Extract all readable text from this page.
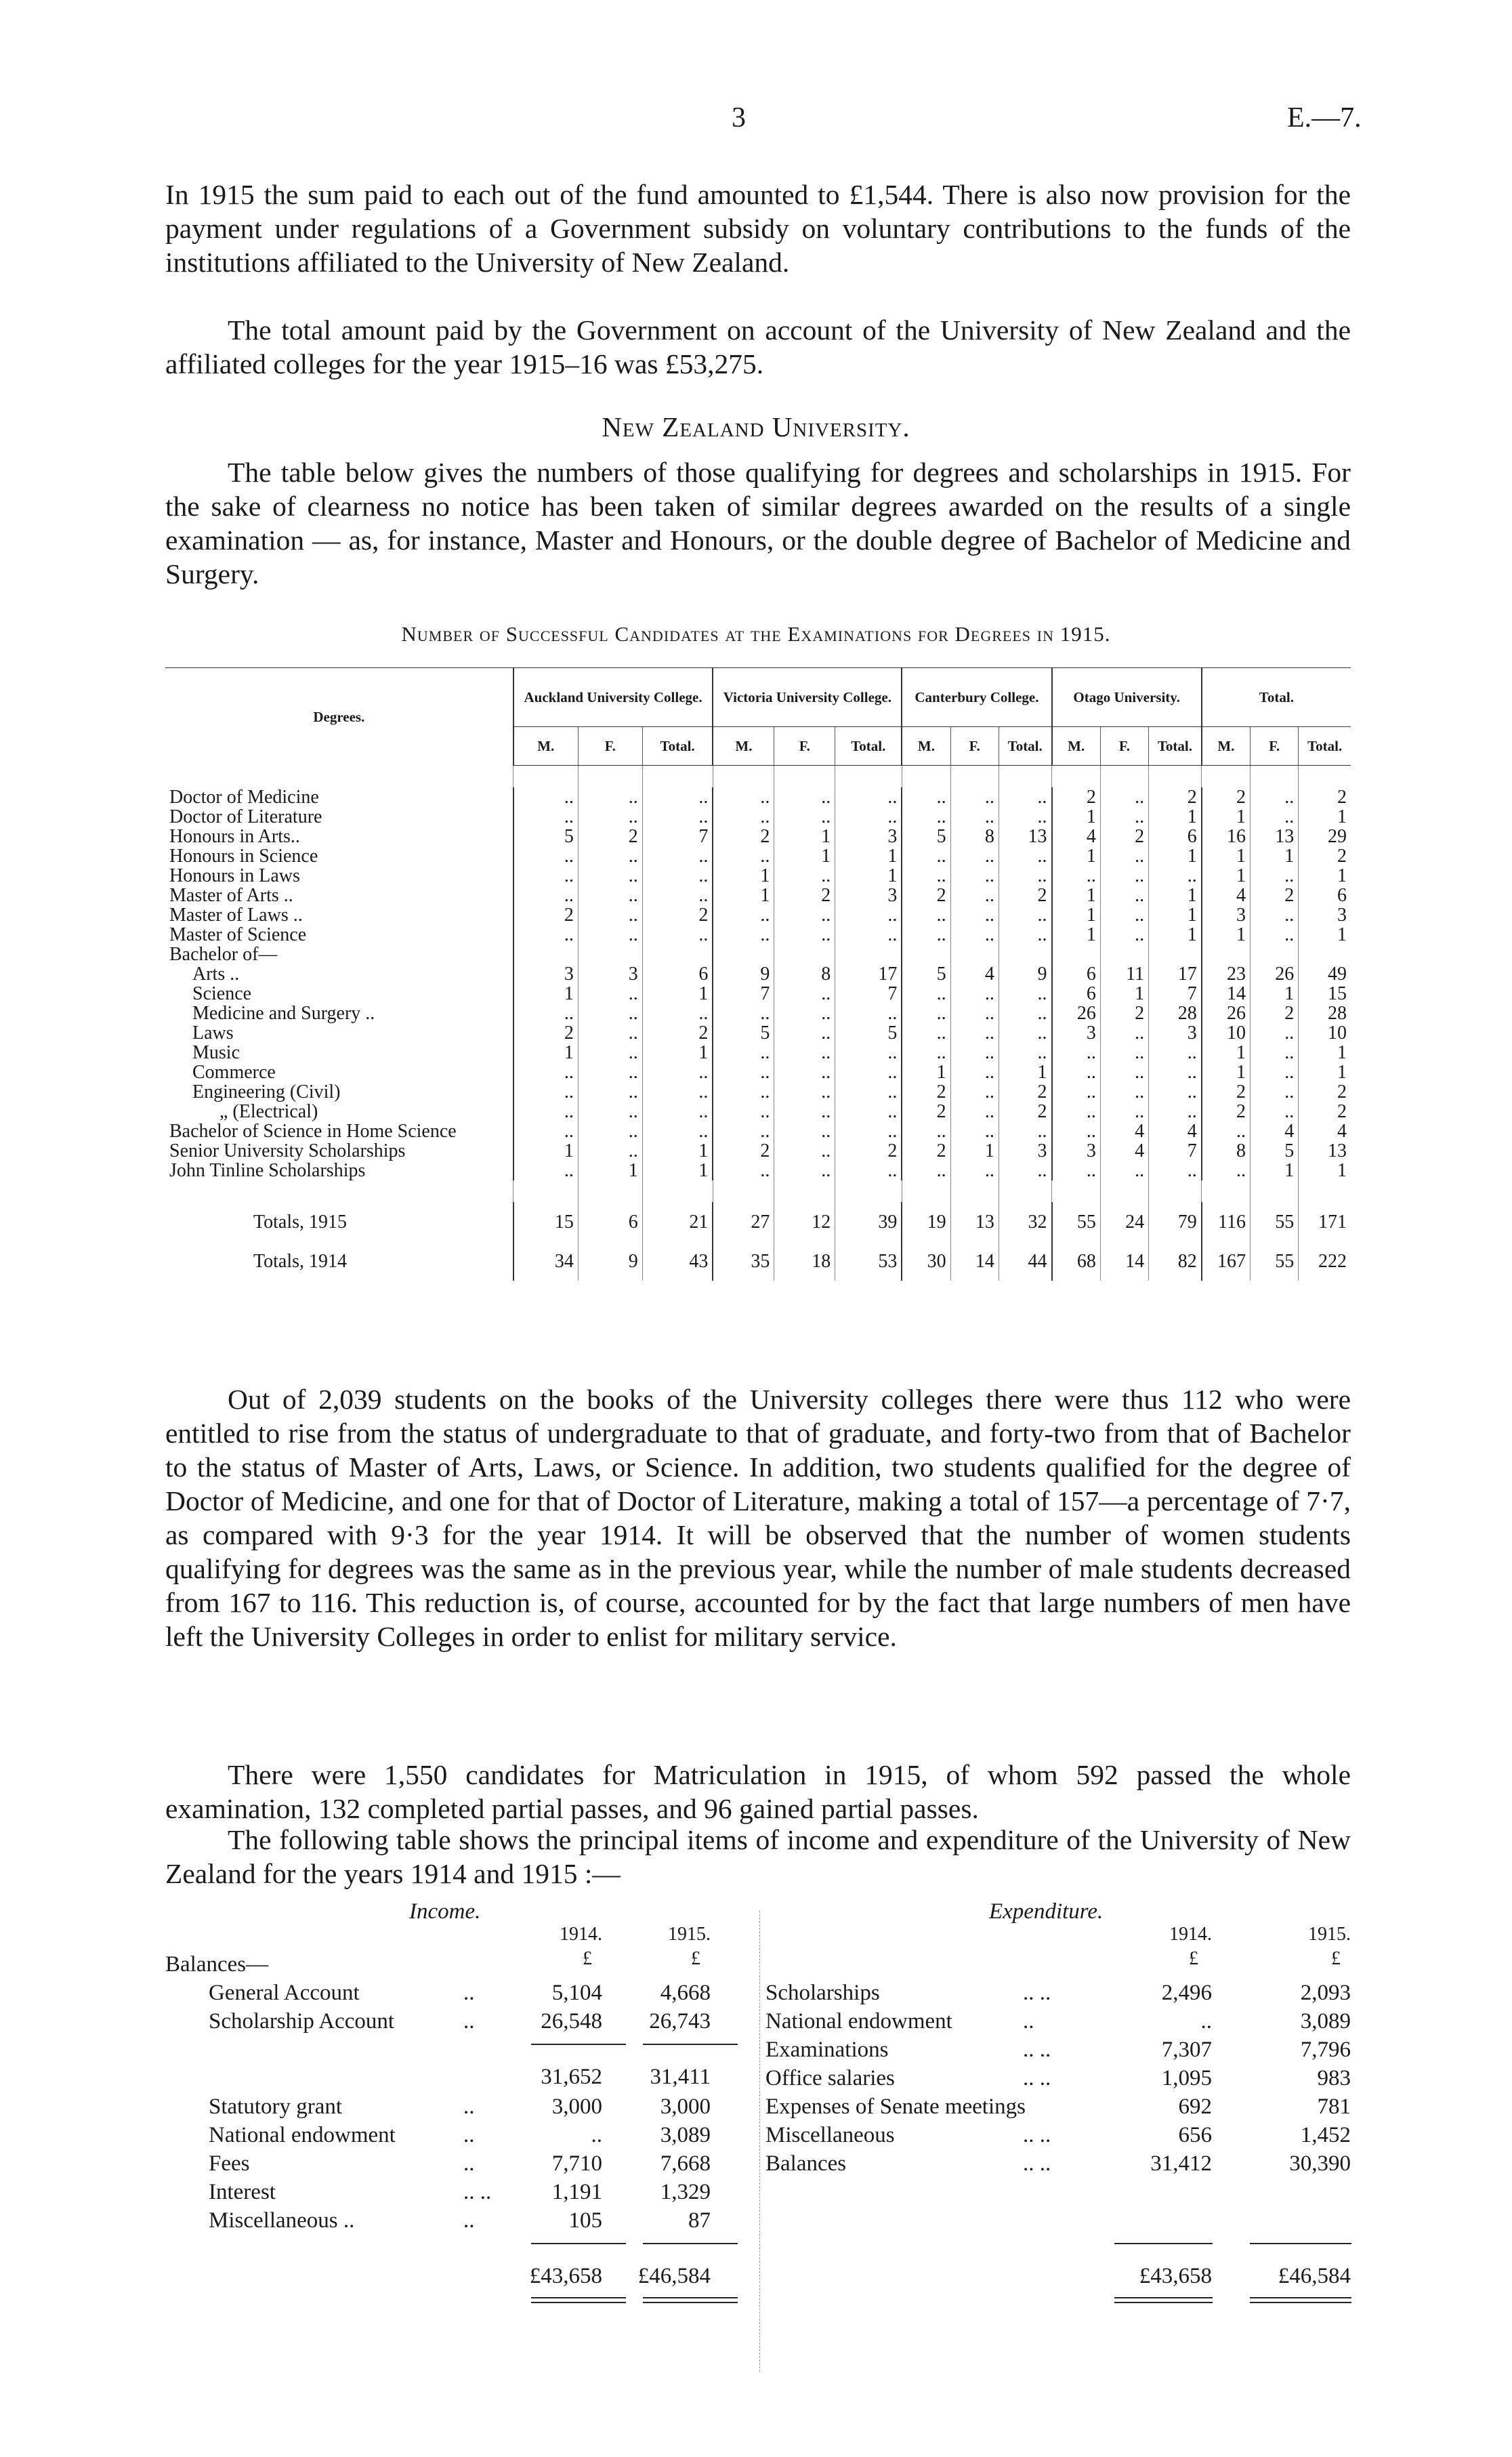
3	E.—7.

In 1915 the sum paid to each out of the fund amounted to £1,544. There is also now provision for the payment under regulations of a Government subsidy on voluntary contributions to the funds of the institutions affiliated to the University of New Zealand.

The total amount paid by the Government on account of the University of New Zealand and the affiliated colleges for the year 1915–16 was £53,275.

New Zealand University.

The table below gives the numbers of those qualifying for degrees and scholarships in 1915. For the sake of clearness no notice has been taken of similar degrees awarded on the results of a single examination — as, for instance, Master and Honours, or the double degree of Bachelor of Medicine and Surgery.

Number of Successful Candidates at the Examinations for Degrees in 1915.
Degrees.	Auckland University College.			Victoria University College.			Canterbury College.			Otago University.			Total.		
	M.	F.	Total.	M.	F.	Total.	M.	F.	Total.	M.	F.	Total.	M.	F.	Total.

Doctor of Medicine	..	..	..	..	..	..	..	..	..	2	..	2	2	..	2
Doctor of Literature	..	..	..	..	..	..	..	..	..	1	..	1	1	..	1
Honours in Arts..	5	2	7	2	1	3	5	8	13	4	2	6	16	13	29
Honours in Science	..	..	..	..	1	1	..	..	..	1	..	1	1	1	2
Honours in Laws	..	..	..	1	..	1	..	..	..	..	..	..	1	..	1
Master of Arts ..	..	..	..	1	2	3	2	..	2	1	..	1	4	2	6
Master of Laws ..	2	..	2	..	..	..	..	..	..	1	..	1	3	..	3
Master of Science	..	..	..	..	..	..	..	..	..	1	..	1	1	..	1
Bachelor of—															
Arts ..	3	3	6	9	8	17	5	4	9	6	11	17	23	26	49
Science	1	..	1	7	..	7	..	..	..	6	1	7	14	1	15
Medicine and Surgery ..	..	..	..	..	..	..	..	..	..	26	2	28	26	2	28
Laws	2	..	2	5	..	5	..	..	..	3	..	3	10	..	10
Music	1	..	1	..	..	..	..	..	..	..	..	..	1	..	1
Commerce	..	..	..	..	..	..	1	..	1	..	..	..	1	..	1
Engineering (Civil)	..	..	..	..	..	..	2	..	2	..	..	..	2	..	2
„ (Electrical)	..	..	..	..	..	..	2	..	2	..	..	..	2	..	2
Bachelor of Science in Home Science	..	..	..	..	..	..	..	..	..	..	4	4	..	4	4
Senior University Scholarships	1	..	1	2	..	2	2	1	3	3	4	7	8	5	13
John Tinline Scholarships	..	1	1	..	..	..	..	..	..	..	..	..	..	1	1

Totals, 1915	15	6	21	27	12	39	19	13	32	55	24	79	116	55	171
Totals, 1914	34	9	43	35	18	53	30	14	44	68	14	82	167	55	222

Out of 2,039 students on the books of the University colleges there were thus 112 who were entitled to rise from the status of undergraduate to that of graduate, and forty-two from that of Bachelor to the status of Master of Arts, Laws, or Science. In addition, two students qualified for the degree of Doctor of Medicine, and one for that of Doctor of Literature, making a total of 157—a percentage of 7·7, as compared with 9·3 for the year 1914. It will be observed that the number of women students qualifying for degrees was the same as in the previous year, while the number of male students decreased from 167 to 116. This reduction is, of course, accounted for by the fact that large numbers of men have left the University Colleges in order to enlist for military service.

There were 1,550 candidates for Matriculation in 1915, of whom 592 passed the whole examination, 132 completed partial passes, and 96 gained partial passes.

The following table shows the principal items of income and expenditure of the University of New Zealand for the years 1914 and 1915 :—

Income.
1914.	1915.
£	£
Balances—
General Account	..	5,104	4,668
Scholarship Account	..	26,548 26,743
31,652 31,411
Statutory grant	..	3,000	3,000
National endowment	..	..	3,089
Fees	..	7,710	7,668
Interest	.. ..	1,191	1,329
Miscellaneous ..	..	105	87
£43,658 £46,584
Expenditure.
1914.	1915.
£	£
Scholarships	.. ..	2,496	2,093
National endowment	..	..	3,089
Examinations	.. ..	7,307	7,796
Office salaries	.. ..	1,095	983
Expenses of Senate meetings	692	781
Miscellaneous	.. ..	656	1,452
Balances	.. ..	31,412	30,390
£43,658	£46,584
